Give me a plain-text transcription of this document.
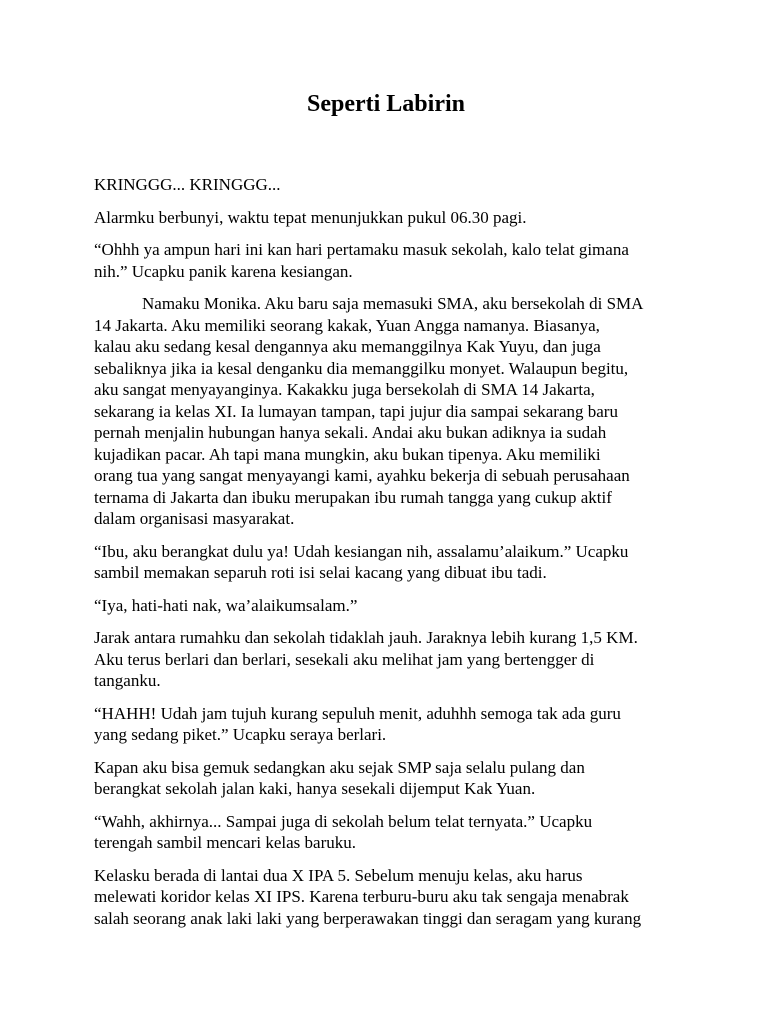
Seperti Labirin

KRINGGG... KRINGGG...

Alarmku berbunyi, waktu tepat menunjukkan pukul 06.30 pagi.

“Ohhh ya ampun hari ini kan hari pertamaku masuk sekolah, kalo telat gimana
nih.” Ucapku panik karena kesiangan.

Namaku Monika. Aku baru saja memasuki SMA, aku bersekolah di SMA
14 Jakarta. Aku memiliki seorang kakak, Yuan Angga namanya. Biasanya,
kalau aku sedang kesal dengannya aku memanggilnya Kak Yuyu, dan juga
sebaliknya jika ia kesal denganku dia memanggilku monyet. Walaupun begitu,
aku sangat menyayanginya. Kakakku juga bersekolah di SMA 14 Jakarta,
sekarang ia kelas XI. Ia lumayan tampan, tapi jujur dia sampai sekarang baru
pernah menjalin hubungan hanya sekali. Andai aku bukan adiknya ia sudah
kujadikan pacar. Ah tapi mana mungkin, aku bukan tipenya. Aku memiliki
orang tua yang sangat menyayangi kami, ayahku bekerja di sebuah perusahaan
ternama di Jakarta dan ibuku merupakan ibu rumah tangga yang cukup aktif
dalam organisasi masyarakat.

“Ibu, aku berangkat dulu ya! Udah kesiangan nih, assalamu’alaikum.” Ucapku
sambil memakan separuh roti isi selai kacang yang dibuat ibu tadi.

“Iya, hati-hati nak, wa’alaikumsalam.”

Jarak antara rumahku dan sekolah tidaklah jauh. Jaraknya lebih kurang 1,5 KM.
Aku terus berlari dan berlari, sesekali aku melihat jam yang bertengger di
tanganku.

“HAHH! Udah jam tujuh kurang sepuluh menit, aduhhh semoga tak ada guru
yang sedang piket.” Ucapku seraya berlari.

Kapan aku bisa gemuk sedangkan aku sejak SMP saja selalu pulang dan
berangkat sekolah jalan kaki, hanya sesekali dijemput Kak Yuan.

“Wahh, akhirnya... Sampai juga di sekolah belum telat ternyata.” Ucapku
terengah sambil mencari kelas baruku.

Kelasku berada di lantai dua X IPA 5. Sebelum menuju kelas, aku harus
melewati koridor kelas XI IPS. Karena terburu-buru aku tak sengaja menabrak
salah seorang anak laki laki yang berperawakan tinggi dan seragam yang kurang
